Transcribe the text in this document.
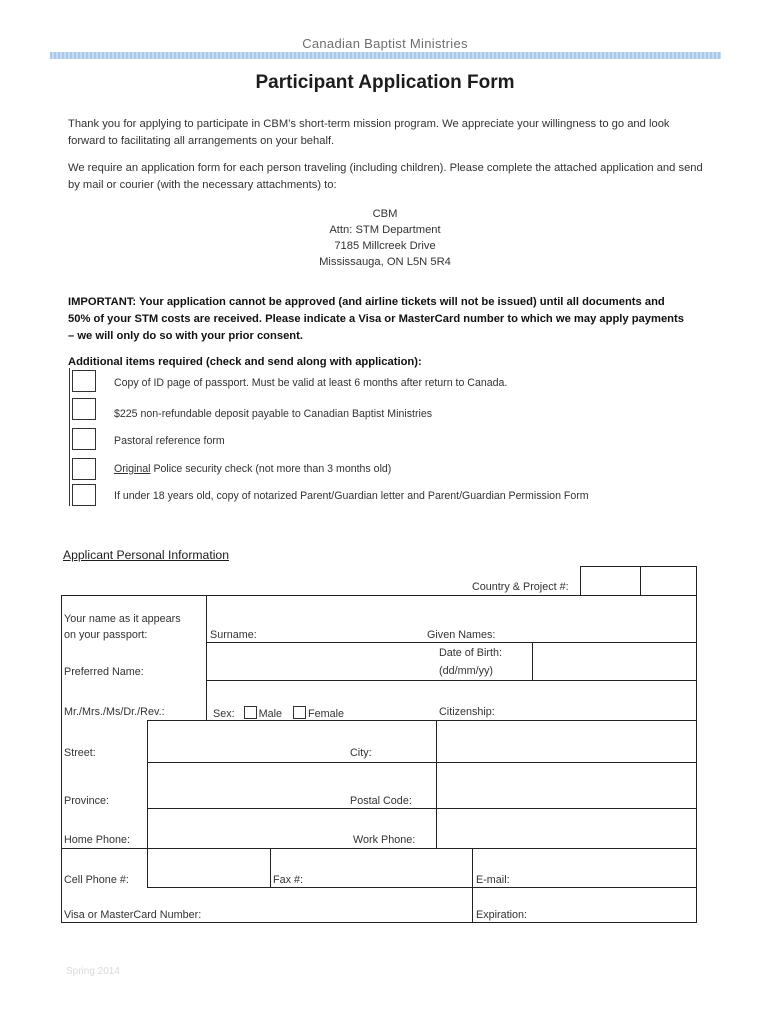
Canadian Baptist Ministries
Participant Application Form
Thank you for applying to participate in CBM’s short-term mission program. We appreciate your willingness to go and look forward to facilitating all arrangements on your behalf.
We require an application form for each person traveling (including children). Please complete the attached application and send by mail or courier (with the necessary attachments) to:
CBM
Attn: STM Department
7185 Millcreek Drive
Mississauga, ON L5N 5R4
IMPORTANT: Your application cannot be approved (and airline tickets will not be issued) until all documents and 50% of your STM costs are received. Please indicate a Visa or MasterCard number to which we may apply payments – we will only do so with your prior consent.
Additional items required (check and send along with application):
Copy of ID page of passport. Must be valid at least 6 months after return to Canada.
$225 non-refundable deposit payable to Canadian Baptist Ministries
Pastoral reference form
Original Police security check (not more than 3 months old)
If under 18 years old, copy of notarized Parent/Guardian letter and Parent/Guardian Permission Form
Applicant Personal Information
Country & Project #:
Your name as it appears
on your passport:	Surname:	Given Names:
Preferred Name:
Date of Birth:
(dd/mm/yy)
Mr./Mrs./Ms/Dr./Rev.:	Sex: Male Female	Citizenship:
Street:	City:
Province:	Postal Code:
Home Phone:	Work Phone:
Cell Phone #:	Fax #:	E-mail:
Visa or MasterCard Number:	Expiration:
Spring 2014
